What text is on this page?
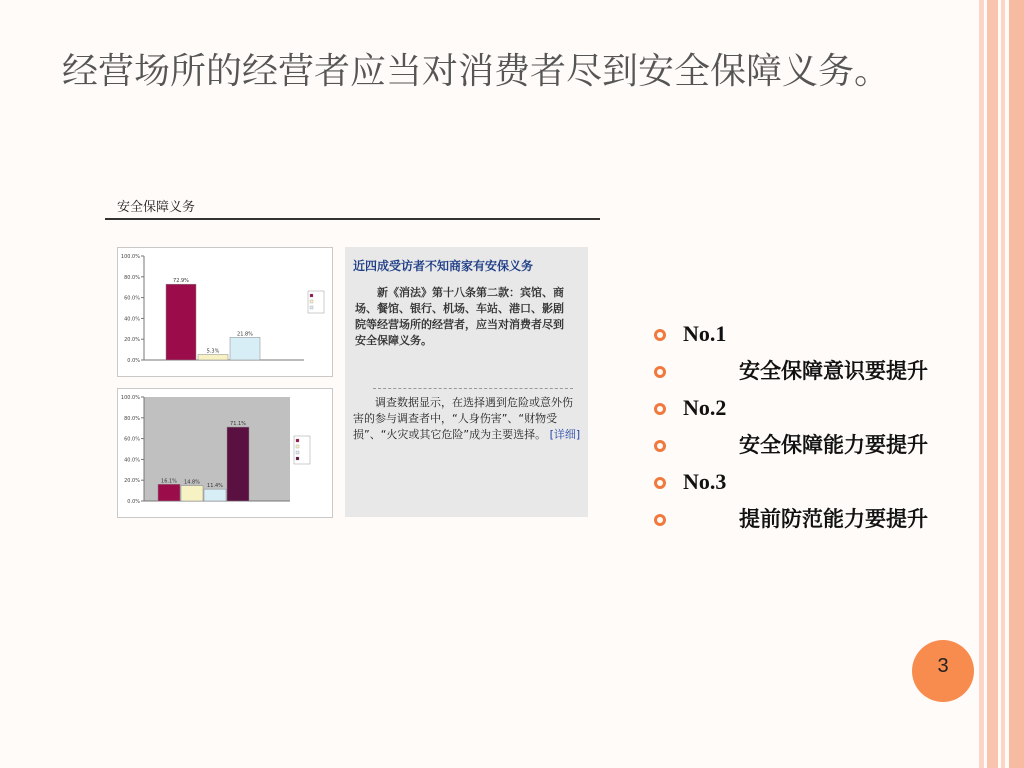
经营场所的经营者应当对消费者尽到安全保障义务。
安全保障义务
100.0%
80.0%
60.0%
40.0%
20.0%
0.0%
72.9%
5.3%
21.8%
100.0%
80.0%
60.0%
40.0%
20.0%
0.0%
16.1% 14.8%
11.4%
71.1%
近四成受访者不知商家有安保义务

新《消法》第十八条第二款：宾馆、商场、餐馆、银行、机场、车站、港口、影剧院等经营场所的经营者，应当对消费者尽到安全保障义务。

调查数据显示，在选择遇到危险或意外伤害的参与调查者中，“人身伤害”、“财物受损”、“火灾或其它危险”成为主要选择。 [详细]

No.1
安全保障意识要提升
No.2
安全保障能力要提升
No.3
提前防范能力要提升
3
